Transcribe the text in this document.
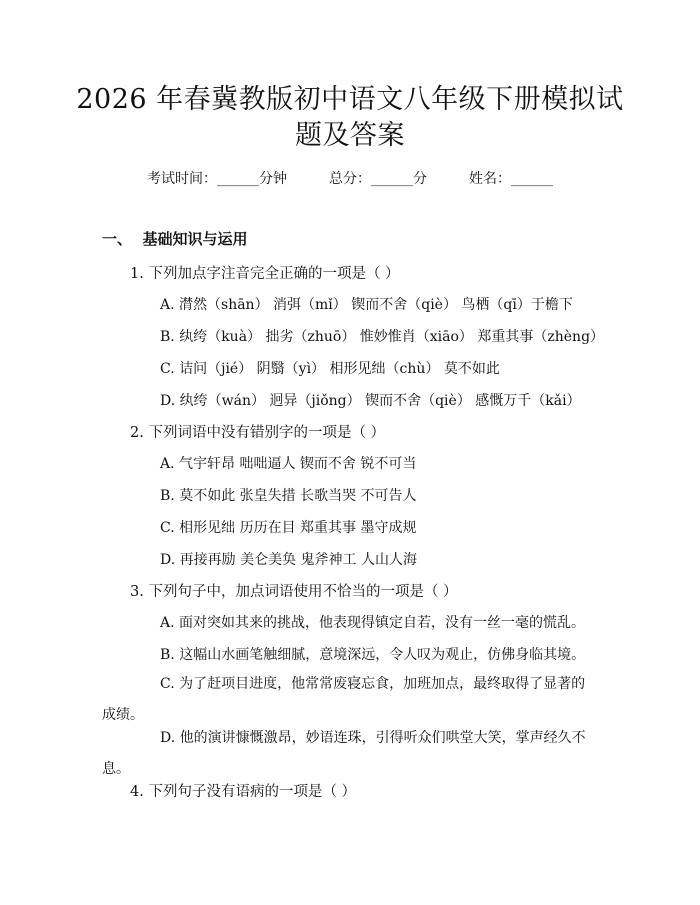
2026 年春冀教版初中语文八年级下册模拟试
题及答案
考试时间：______分钟	总分：______分	姓名：______
一、  基础知识与运用
1. 下列加点字注音完全正确的一项是（ ）
A. 潸然（shān） 消弭（mǐ） 锲而不舍（qiè） 鸟栖（qī）于檐下
B. 纨绔（kuà） 拙劣（zhuō） 惟妙惟肖（xiāo） 郑重其事（zhèng）
C. 诘问（jié） 阴翳（yì） 相形见绌（chù） 莫不如此
D. 纨绔（wán） 迥异（jiǒng） 锲而不舍（qiè） 感慨万千（kǎi）
2. 下列词语中没有错别字的一项是（ ）
A. 气宇轩昂 咄咄逼人 锲而不舍 锐不可当
B. 莫不如此 张皇失措 长歌当哭 不可告人
C. 相形见绌 历历在目 郑重其事 墨守成规
D. 再接再励 美仑美奂 鬼斧神工 人山人海
3. 下列句子中，加点词语使用不恰当的一项是（ ）
A. 面对突如其来的挑战，他表现得镇定自若，没有一丝一毫的慌乱。
B. 这幅山水画笔触细腻，意境深远，令人叹为观止，仿佛身临其境。
C. 为了赶项目进度，他常常废寝忘食，加班加点，最终取得了显著的成绩。
D. 他的演讲慷慨激昂，妙语连珠，引得听众们哄堂大笑，掌声经久不息。
4. 下列句子没有语病的一项是（ ）
